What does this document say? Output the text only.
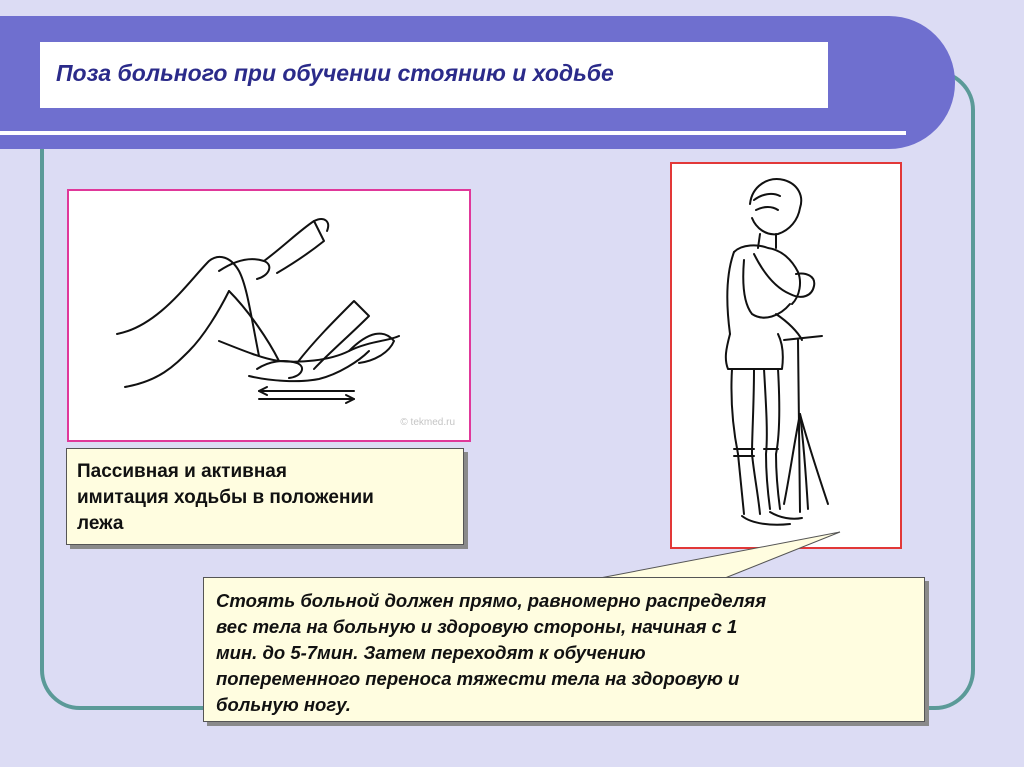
Поза больного при обучении стоянию и ходьбе
© tekmed.ru

Пассивная и активная

имитация ходьбы в положении

лежа

Стоять больной должен прямо, равномерно распределяя

вес тела на больную и здоровую стороны, начиная с 1

мин. до 5-7мин. Затем переходят к обучению

попеременного переноса тяжести тела на здоровую и

больную ногу.
